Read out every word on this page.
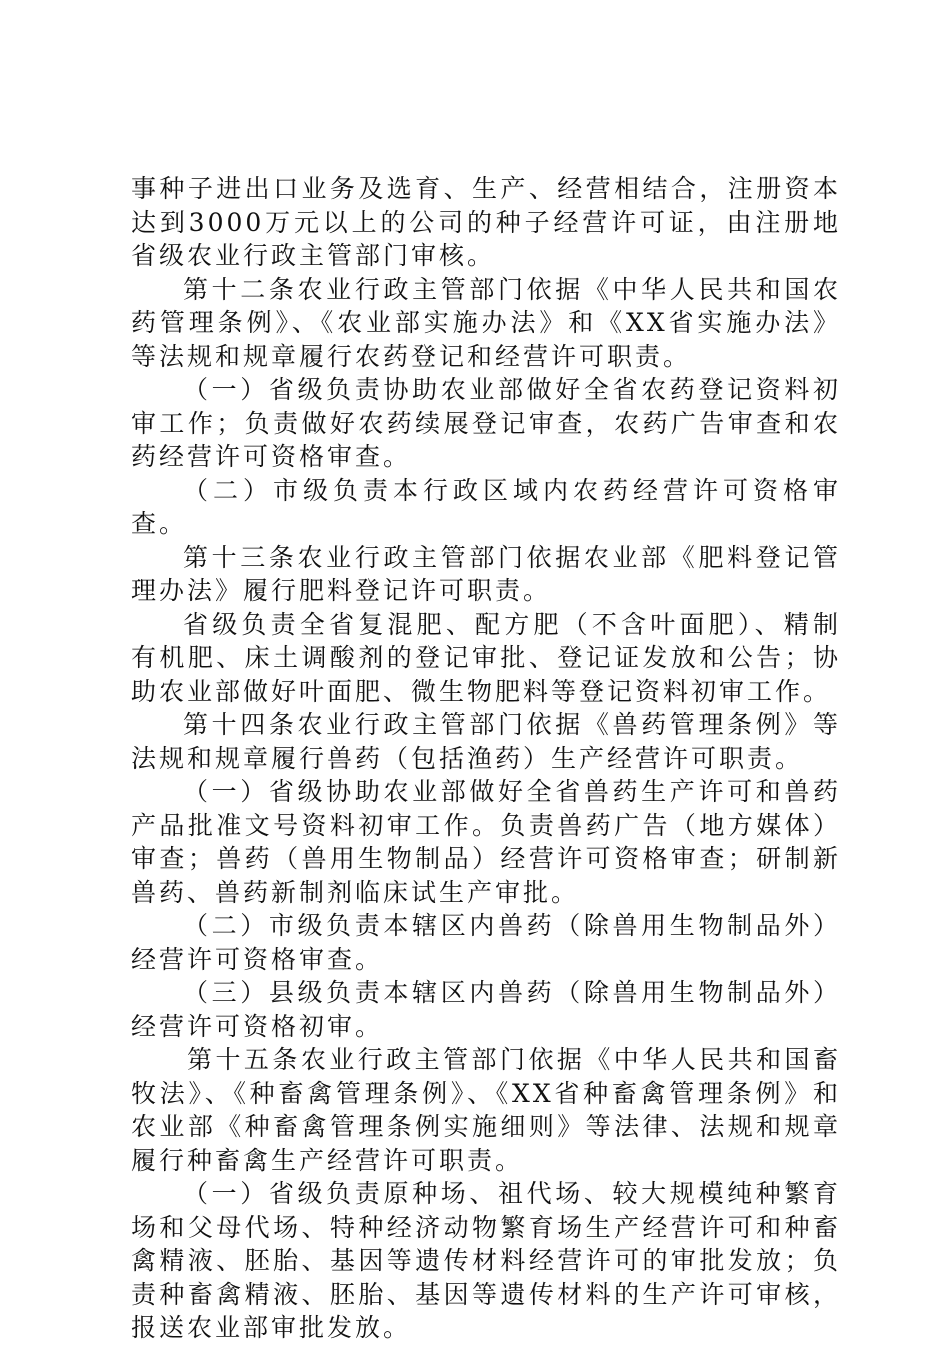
事种子进出口业务及选育、生产、经营相结合，注册资本达到3000万元以上的公司的种子经营许可证，由注册地省级农业行政主管部门审核。

第十二条农业行政主管部门依据《中华人民共和国农药管理条例》、《农业部实施办法》和《XX省实施办法》等法规和规章履行农药登记和经营许可职责。

（一）省级负责协助农业部做好全省农药登记资料初审工作；负责做好农药续展登记审查，农药广告审查和农药经营许可资格审查。

（二）市级负责本行政区域内农药经营许可资格审查。

第十三条农业行政主管部门依据农业部《肥料登记管理办法》履行肥料登记许可职责。

省级负责全省复混肥、配方肥（不含叶面肥）、精制有机肥、床土调酸剂的登记审批、登记证发放和公告；协助农业部做好叶面肥、微生物肥料等登记资料初审工作。

第十四条农业行政主管部门依据《兽药管理条例》等法规和规章履行兽药（包括渔药）生产经营许可职责。

（一）省级协助农业部做好全省兽药生产许可和兽药产品批准文号资料初审工作。负责兽药广告（地方媒体）审查；兽药（兽用生物制品）经营许可资格审查；研制新兽药、兽药新制剂临床试生产审批。

（二）市级负责本辖区内兽药（除兽用生物制品外）经营许可资格审查。

（三）县级负责本辖区内兽药（除兽用生物制品外）经营许可资格初审。

第十五条农业行政主管部门依据《中华人民共和国畜牧法》、《种畜禽管理条例》、《XX省种畜禽管理条例》和农业部《种畜禽管理条例实施细则》等法律、法规和规章履行种畜禽生产经营许可职责。

（一）省级负责原种场、祖代场、较大规模纯种繁育场和父母代场、特种经济动物繁育场生产经营许可和种畜禽精液、胚胎、基因等遗传材料经营许可的审批发放；负责种畜禽精液、胚胎、基因等遗传材料的生产许可审核，报送农业部审批发放。
